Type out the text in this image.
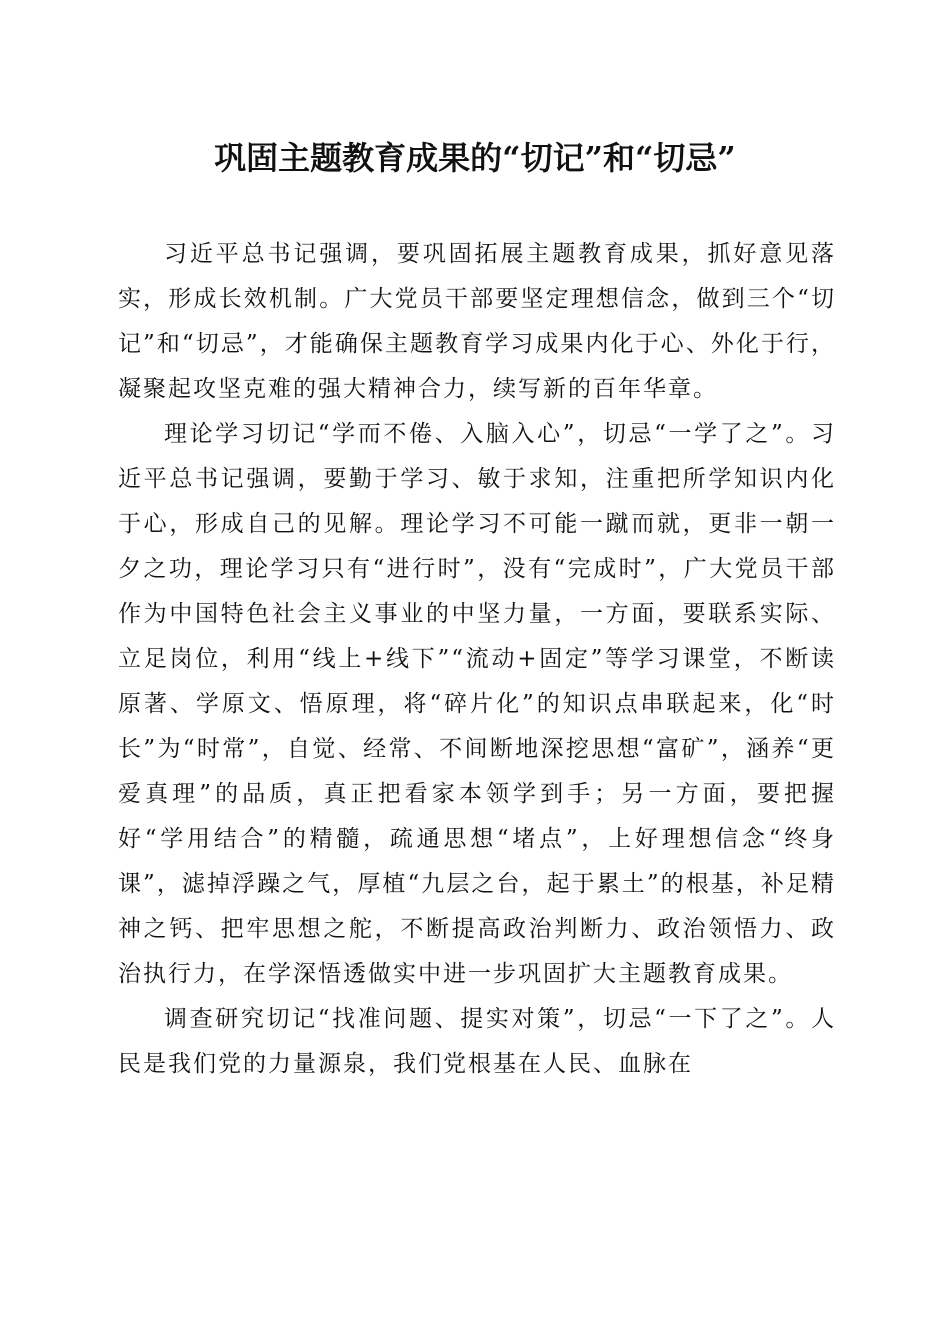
巩固主题教育成果的“切记”和“切忌”

习近平总书记强调，要巩固拓展主题教育成果，抓好意见落实，形成长效机制。广大党员干部要坚定理想信念，做到三个“切记”和“切忌”，才能确保主题教育学习成果内化于心、外化于行，凝聚起攻坚克难的强大精神合力，续写新的百年华章。

理论学习切记“学而不倦、入脑入心”，切忌“一学了之”。习近平总书记强调，要勤于学习、敏于求知，注重把所学知识内化于心，形成自己的见解。理论学习不可能一蹴而就，更非一朝一夕之功，理论学习只有“进行时”，没有“完成时”，广大党员干部作为中国特色社会主义事业的中坚力量，一方面，要联系实际、立足岗位，利用“线上+线下”“流动+固定”等学习课堂，不断读原著、学原文、悟原理，将“碎片化”的知识点串联起来，化“时长”为“时常”，自觉、经常、不间断地深挖思想“富矿”，涵养“更爱真理”的品质，真正把看家本领学到手；另一方面，要把握好“学用结合”的精髓，疏通思想“堵点”，上好理想信念“终身课”，滤掉浮躁之气，厚植“九层之台，起于累土”的根基，补足精神之钙、把牢思想之舵，不断提高政治判断力、政治领悟力、政治执行力，在学深悟透做实中进一步巩固扩大主题教育成果。

调查研究切记“找准问题、提实对策”，切忌“一下了之”。人民是我们党的力量源泉，我们党根基在人民、血脉在
